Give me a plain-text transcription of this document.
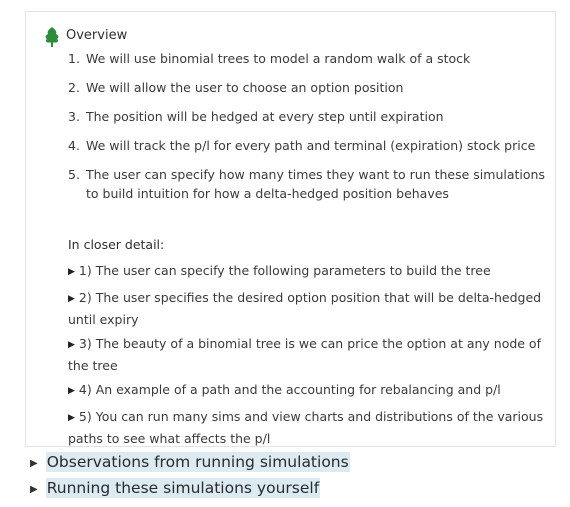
Overview
1. We will use binomial trees to model a random walk of a stock
2. We will allow the user to choose an option position
3. The position will be hedged at every step until expiration
4. We will track the p/l for every path and terminal (expiration) stock price
5. The user can specify how many times they want to run these simulations to build intuition for how a delta-hedged position behaves
In closer detail:
▶ 1) The user can specify the following parameters to build the tree
▶ 2) The user specifies the desired option position that will be delta-hedged until expiry
▶ 3) The beauty of a binomial tree is we can price the option at any node of the tree
▶ 4) An example of a path and the accounting for rebalancing and p/l
▶ 5) You can run many sims and view charts and distributions of the various paths to see what affects the p/l
▶ Observations from running simulations
▶ Running these simulations yourself
